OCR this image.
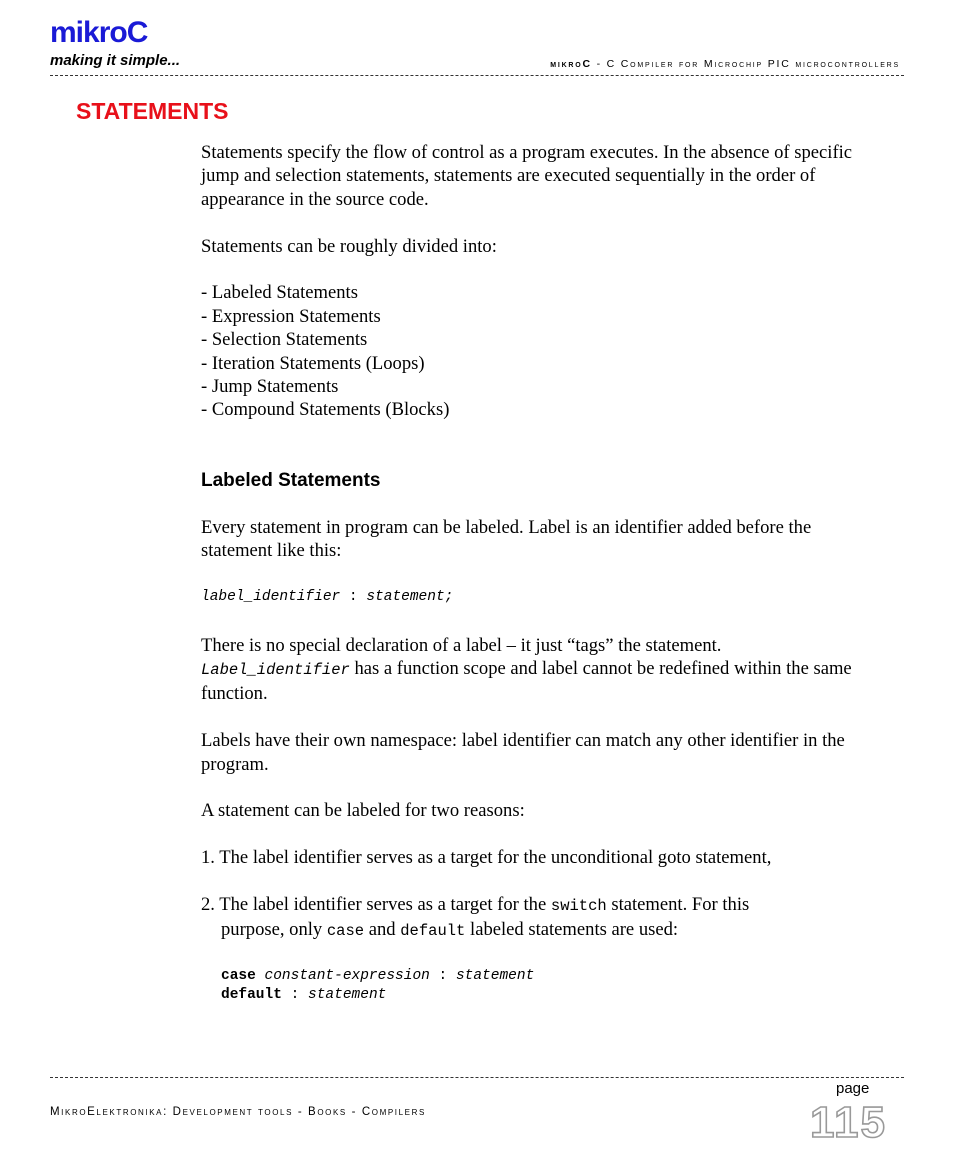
mikroC
making it simple...	mikroC - C Compiler for Microchip PIC microcontrollers
STATEMENTS

Statements specify the flow of control as a program executes. In the absence of specific jump and selection statements, statements are executed sequentially in the order of appearance in the source code.

Statements can be roughly divided into:

- Labeled Statements

- Expression Statements

- Selection Statements

- Iteration Statements (Loops)

- Jump Statements

- Compound Statements (Blocks)

Labeled Statements

Every statement in program can be labeled. Label is an identifier added before the statement like this:

label_identifier : statement;

There is no special declaration of a label – it just “tags” the statement.

Label_identifier has a function scope and label cannot be redefined within the same function.

Labels have their own namespace: label identifier can match any other identifier in the program.

A statement can be labeled for two reasons:

1. The label identifier serves as a target for the unconditional goto statement,

2. The label identifier serves as a target for the switch statement. For this

purpose, only case and default labeled statements are used:

case constant-expression : statement
default : statement
MikroElektronika: Development tools - Books - Compilers
page
115
